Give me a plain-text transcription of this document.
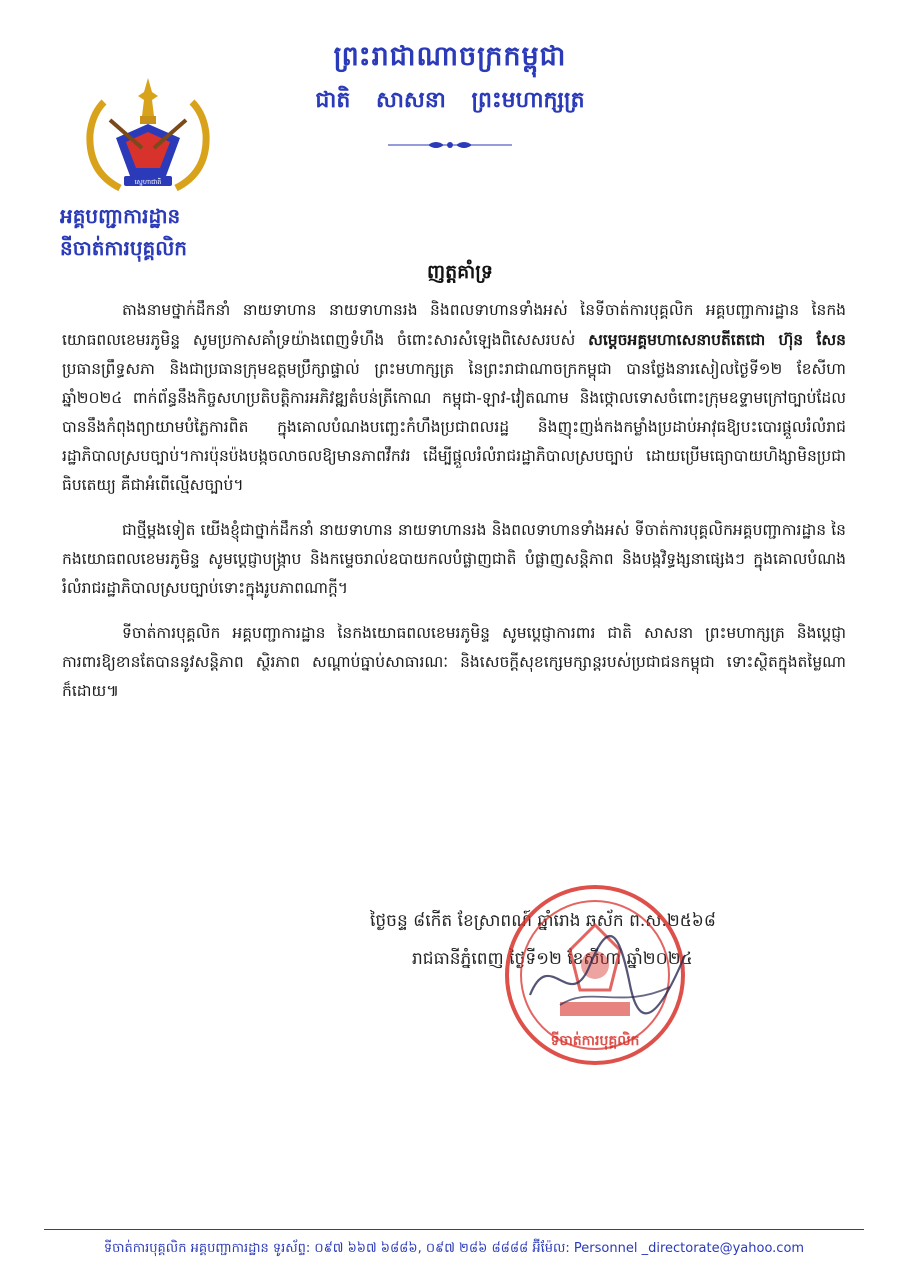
ព្រះរាជាណាចក្រកម្ពុជា
ជាតិ សាសនា ព្រះមហាក្សត្រ
ស្នេហាជាតិ
អគ្គបញ្ជាការដ្ឋាន
នីចាត់ការបុគ្គលិក
ញត្តគាំទ្រ

តាងនាមថ្នាក់ដឹកនាំ នាយទាហាន នាយទាហានរង និងពលទាហានទាំងអស់ នៃទីចាត់ការបុគ្គលិក អគ្គបញ្ជាការដ្ឋាន នៃកងយោធពលខេមរភូមិន្ទ សូមប្រកាសគាំទ្រយ៉ាងពេញទំហឹង ចំពោះសារសំឡេងពិសេសរបស់ សម្តេចអគ្គមហាសេនាបតីតេជោ ហ៊ុន សែន ប្រធានព្រឹទ្ធសភា និងជាប្រធានក្រុមឧត្តមប្រឹក្សាផ្ទាល់ ព្រះមហាក្សត្រ នៃព្រះរាជាណាចក្រកម្ពុជា បានថ្លែងនារសៀលថ្ងៃទី១២ ខែសីហា ឆ្នាំ២០២៤ ពាក់ព័ន្ធនឹងកិច្ចសហប្រតិបត្តិការអភិវឌ្ឍតំបន់ត្រីកោណ កម្ពុជា-ឡាវ-វៀតណាម និងថ្កោលទោសចំពោះក្រុមឧទ្ទាមក្រៅច្បាប់ដែលបាននឹងកំពុងព្យាយាមបំភ្លៃការពិត ក្នុងគោលបំណងបញ្ឆេះកំហឹងប្រជាពលរដ្ឋ និងញុះញង់កងកម្លាំងប្រដាប់អាវុធឱ្យបះបោរផ្តួលរំលំរាជរដ្ឋាភិបាលស្របច្បាប់។ការប៉ុនប៉ងបង្កចលាចលឱ្យមានភាពវឹកវរ ដើម្បីផ្តួលរំលំរាជរដ្ឋាភិបាលស្របច្បាប់ ដោយប្រើមធ្យោបាយហិង្សាមិនប្រជាធិបតេយ្យ គឺជាអំពើល្មើសច្បាប់។

ជាថ្មីម្តងទៀត យើងខ្ញុំជាថ្នាក់ដឹកនាំ នាយទាហាន នាយទាហានរង និងពលទាហានទាំងអស់ ទីចាត់ការបុគ្គលិកអគ្គបញ្ជាការដ្ឋាន នៃកងយោធពលខេមរភូមិន្ទ សូមប្តេជ្ញាបង្ក្រាប និងកម្ទេចរាល់ឧបាយកលបំផ្លាញជាតិ បំផ្លាញសន្តិភាព និងបង្កវិទ្ធង្សនាផ្សេងៗ ក្នុងគោលបំណងរំលំរាជរដ្ឋាភិបាលស្របច្បាប់ទោះក្នុងរូបភាពណាក្តី។

ទីចាត់ការបុគ្គលិក អគ្គបញ្ជាការដ្ឋាន នៃកងយោធពលខេមរភូមិន្ទ សូមប្តេជ្ញាការពារ ជាតិ សាសនា ព្រះមហាក្សត្រ និងប្តេជ្ញាការពារឱ្យខានតែបាននូវសន្តិភាព ស្ថិរភាព សណ្តាប់ធ្នាប់សាធារណៈ និងសេចក្តីសុខក្សេមក្សាន្តរបស់ប្រជាជនកម្ពុជា ទោះស្ថិតក្នុងតម្លៃណាក៏ដោយ៕

ថ្ងៃចន្ទ ៨កើត ខែស្រាពណ៍ ឆ្នាំរោង ឆស័ក ព.ស.២៥៦៨
រាជធានីភ្នំពេញ ថ្ងៃទី១២ ខែសីហា ឆ្នាំ២០២៤
ទីចាត់ការបុគ្គលិក
ទីចាត់ការបុគ្គលិក អគ្គបញ្ជាការដ្ឋាន ទូរស័ព្ទ: ០៩៧ ៦៦៧ ៦៨៨៦, ០៩៧ ២៨៦ ៨៨៨៨ អ៊ីម៉ែល: Personnel _directorate@yahoo.com
